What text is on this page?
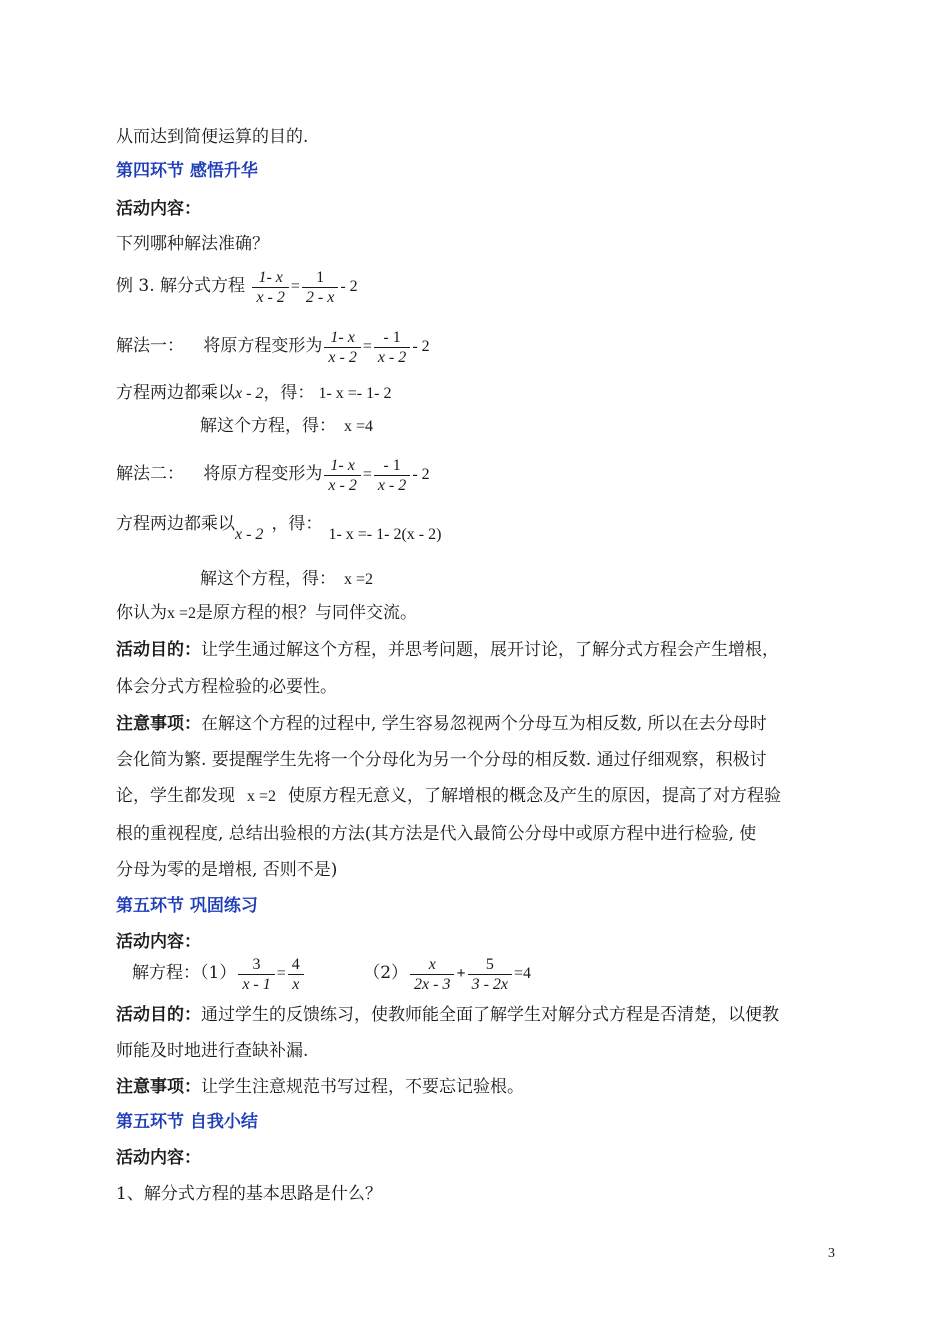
从而达到简便运算的目的.
第四环节 感悟升华
活动内容：
下列哪种解法准确？
例 3. 解分式方程 $\frac{1- x}{x - 2} = \frac{1}{2 - x} - 2$
解法一： 将原方程变形为 $\frac{1- x}{x - 2} = \frac{- 1}{x - 2} - 2$
方程两边都乘以x - 2，得： 1- x =- 1- 2
解这个方程，得： x =4
解法二： 将原方程变形为 $\frac{1- x}{x - 2} = \frac{- 1}{x - 2} - 2$
方程两边都乘以x - 2，得：1- x =- 1- 2(x - 2)
解这个方程，得： x =2
你认为x =2是原方程的根？与同伴交流。
活动目的：让学生通过解这个方程，并思考问题，展开讨论，了解分式方程会产生增根，
体会分式方程检验的必要性。
注意事项：在解这个方程的过程中, 学生容易忽视两个分母互为相反数, 所以在去分母时
会化简为繁. 要提醒学生先将一个分母化为另一个分母的相反数. 通过仔细观察，积极讨
论，学生都发现 x =2 使原方程无意义，了解增根的概念及产生的原因，提高了对方程验
根的重视程度, 总结出验根的方法(其方法是代入最简公分母中或原方程中进行检验, 使
分母为零的是增根, 否则不是)
第五环节 巩固练习
活动内容：
解方程：$(1) \frac{3}{x - 1} = \frac{4}{x}$	$(2) \frac{x}{2x - 3} + \frac{5}{3 - 2x} =4$
活动目的：通过学生的反馈练习，使教师能全面了解学生对解分式方程是否清楚，以便教
师能及时地进行查缺补漏.
注意事项：让学生注意规范书写过程，不要忘记验根。
第五环节 自我小结
活动内容：
1、解分式方程的基本思路是什么？
3
